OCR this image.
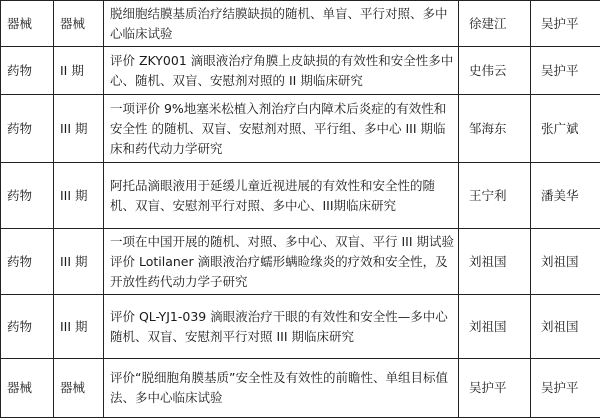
器械	器械	脱细胞结膜基质治疗结膜缺损的随机、单盲、平行对照、多中心临床试验	徐建江	吴护平
药物	II 期	评价 ZKY001 滴眼液治疗角膜上皮缺损的有效性和安全性多中心、随机、双盲、安慰剂对照的 II 期临床研究	史伟云	吴护平
药物	III 期	一项评价 9%地塞米松植入剂治疗白内障术后炎症的有效性和安全性 的随机、双盲、安慰剂对照、平行组、多中心 III 期临床和药代动力学研究	邹海东	张广斌
药物	III 期	阿托品滴眼液用于延缓儿童近视进展的有效性和安全性的随机、双盲、安慰剂平行对照、多中心、III期临床研究	王宁利	潘美华
药物	III 期	一项在中国开展的随机、对照、多中心、双盲、平行 III 期试验评价 Lotilaner 滴眼液治疗蠕形螨睑缘炎的疗效和安全性，及开放性药代动力学子研究	刘祖国	刘祖国
药物	III 期	评价 QL-YJ1-039 滴眼液治疗干眼的有效性和安全性—多中心随机、双盲、安慰剂平行对照 III 期临床研究	刘祖国	刘祖国
器械	器械	评价“脱细胞角膜基质”安全性及有效性的前瞻性、单组目标值法、多中心临床试验	吴护平	吴护平
